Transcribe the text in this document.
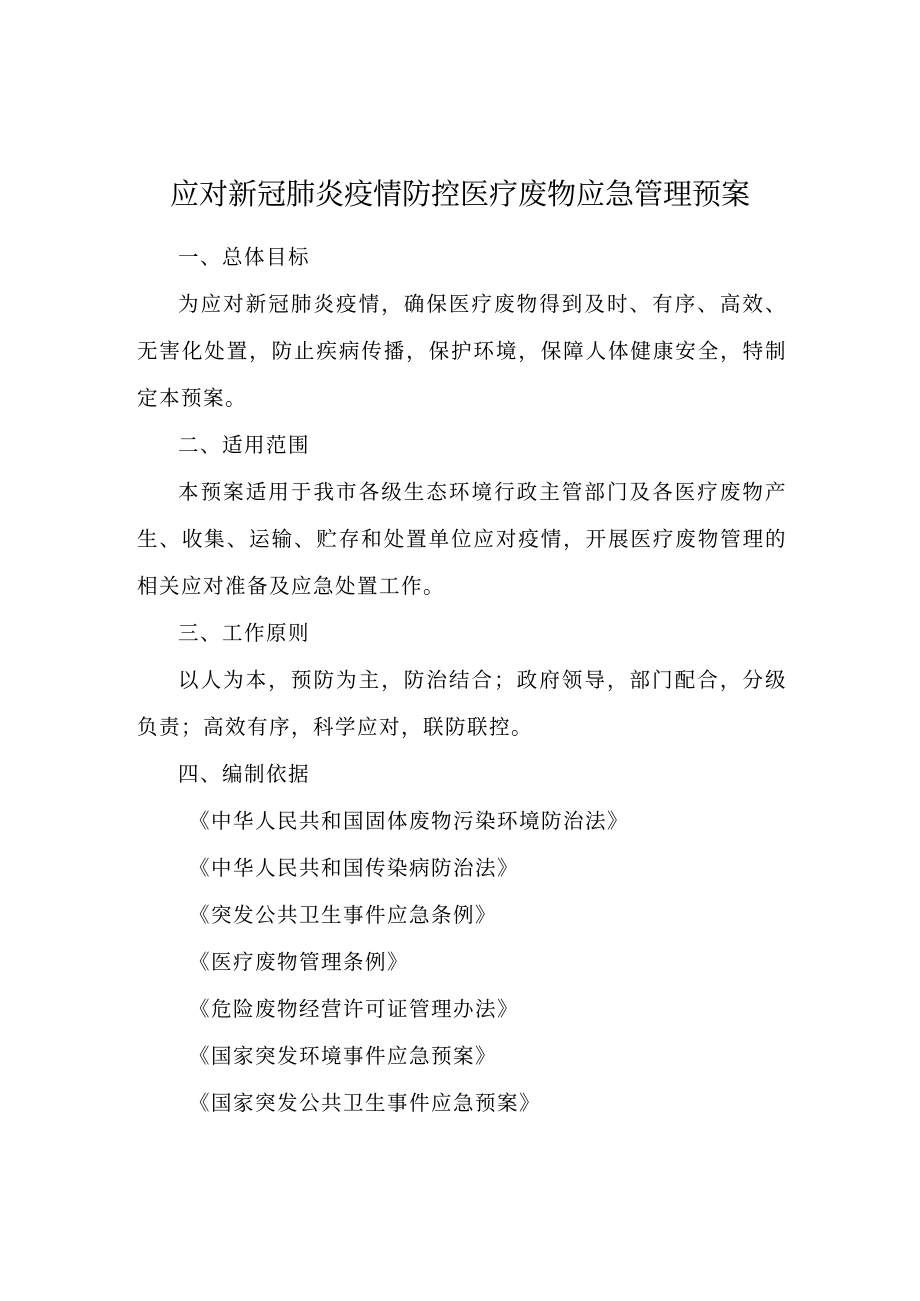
应对新冠肺炎疫情防控医疗废物应急管理预案

一、总体目标

为应对新冠肺炎疫情，确保医疗废物得到及时、有序、高效、无害化处置，防止疾病传播，保护环境，保障人体健康安全，特制定本预案。

二、适用范围

本预案适用于我市各级生态环境行政主管部门及各医疗废物产生、收集、运输、贮存和处置单位应对疫情，开展医疗废物管理的相关应对准备及应急处置工作。

三、工作原则

以人为本，预防为主，防治结合；政府领导，部门配合，分级负责；高效有序，科学应对，联防联控。

四、编制依据

《中华人民共和国固体废物污染环境防治法》

《中华人民共和国传染病防治法》

《突发公共卫生事件应急条例》

《医疗废物管理条例》

《危险废物经营许可证管理办法》

《国家突发环境事件应急预案》

《国家突发公共卫生事件应急预案》
